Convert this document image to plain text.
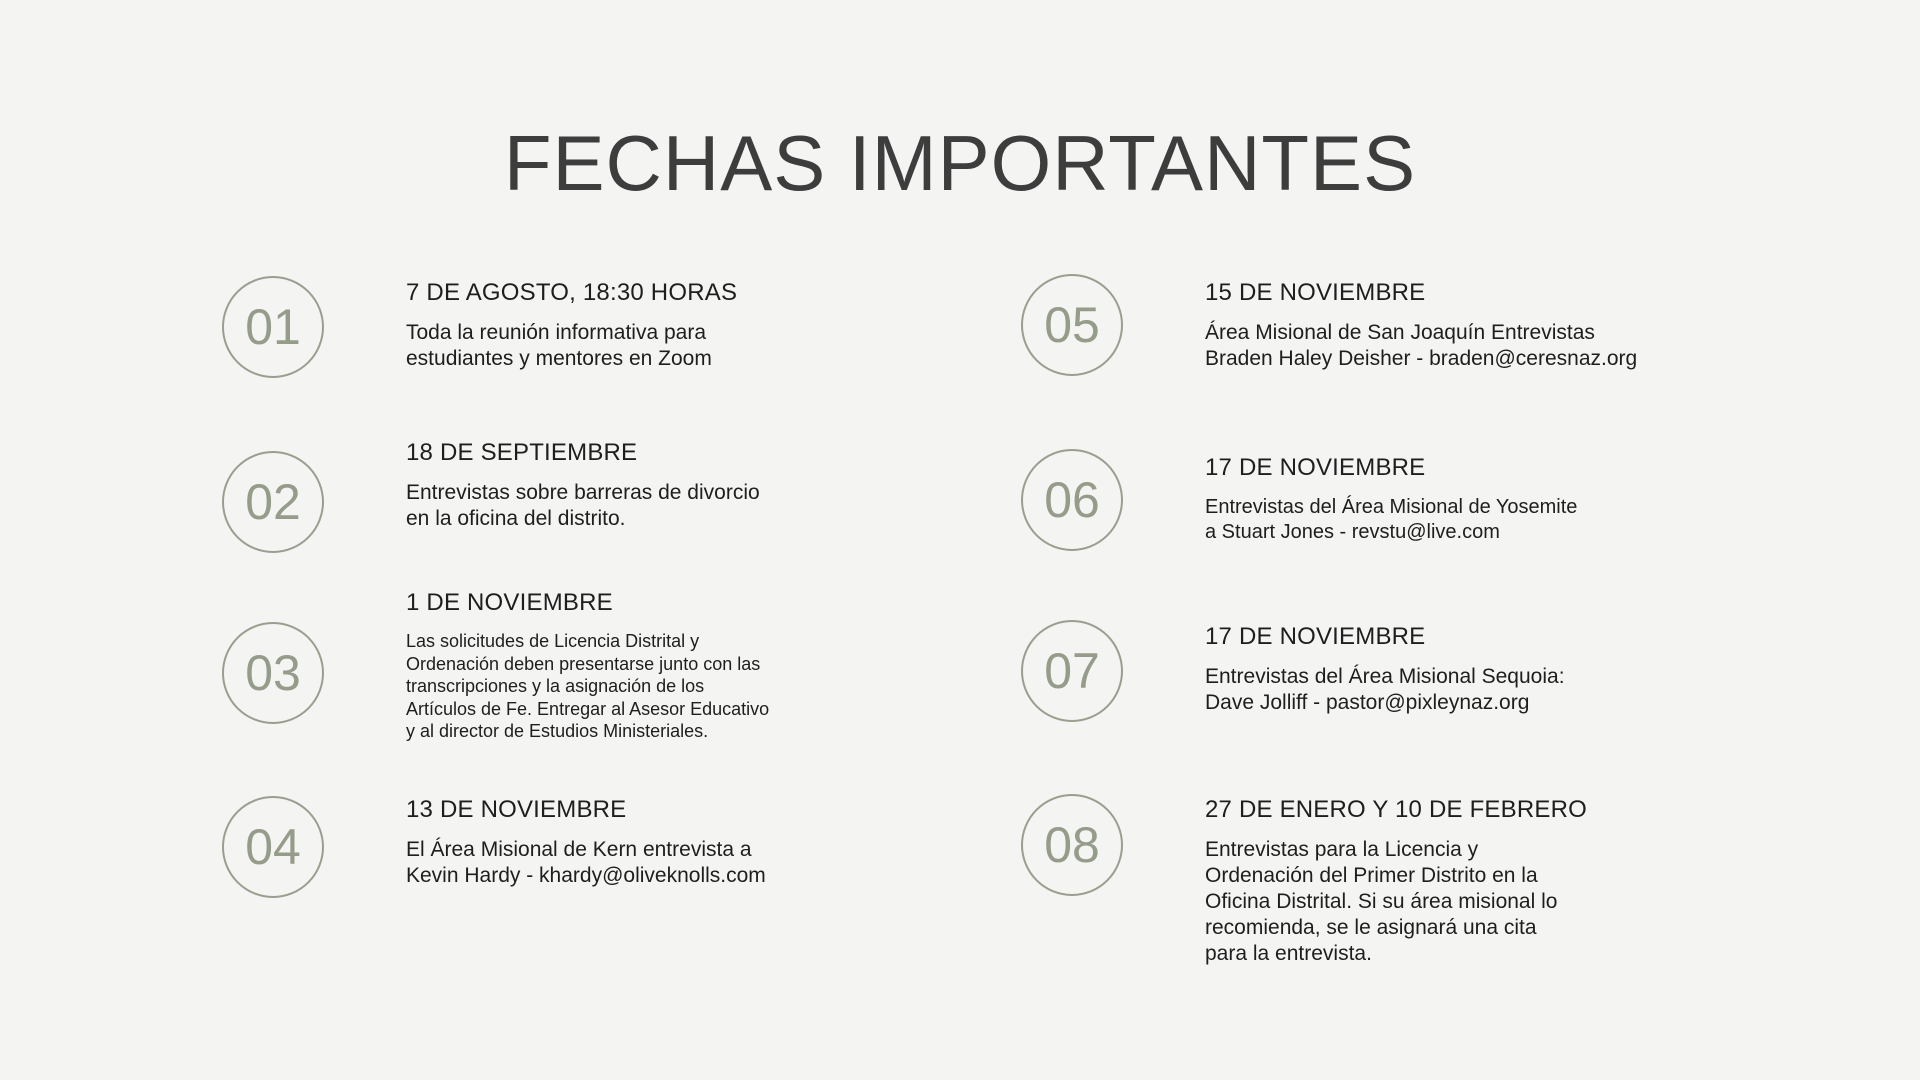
FECHAS IMPORTANTES
01
7 DE AGOSTO, 18:30 HORAS
Toda la reunión informativa para
estudiantes y mentores en Zoom
02
18 DE SEPTIEMBRE
Entrevistas sobre barreras de divorcio
en la oficina del distrito.
03
1 DE NOVIEMBRE
Las solicitudes de Licencia Distrital y
Ordenación deben presentarse junto con las
transcripciones y la asignación de los
Artículos de Fe. Entregar al Asesor Educativo
y al director de Estudios Ministeriales.
04
13 DE NOVIEMBRE
El Área Misional de Kern entrevista a
Kevin Hardy - khardy@oliveknolls.com
05
15 DE NOVIEMBRE
Área Misional de San Joaquín Entrevistas
Braden Haley Deisher - braden@ceresnaz.org
06
17 DE NOVIEMBRE
Entrevistas del Área Misional de Yosemite
a Stuart Jones - revstu@live.com
07
17 DE NOVIEMBRE
Entrevistas del Área Misional Sequoia:
Dave Jolliff - pastor@pixleynaz.org
08
27 DE ENERO Y 10 DE FEBRERO
Entrevistas para la Licencia y
Ordenación del Primer Distrito en la
Oficina Distrital. Si su área misional lo
recomienda, se le asignará una cita
para la entrevista.
